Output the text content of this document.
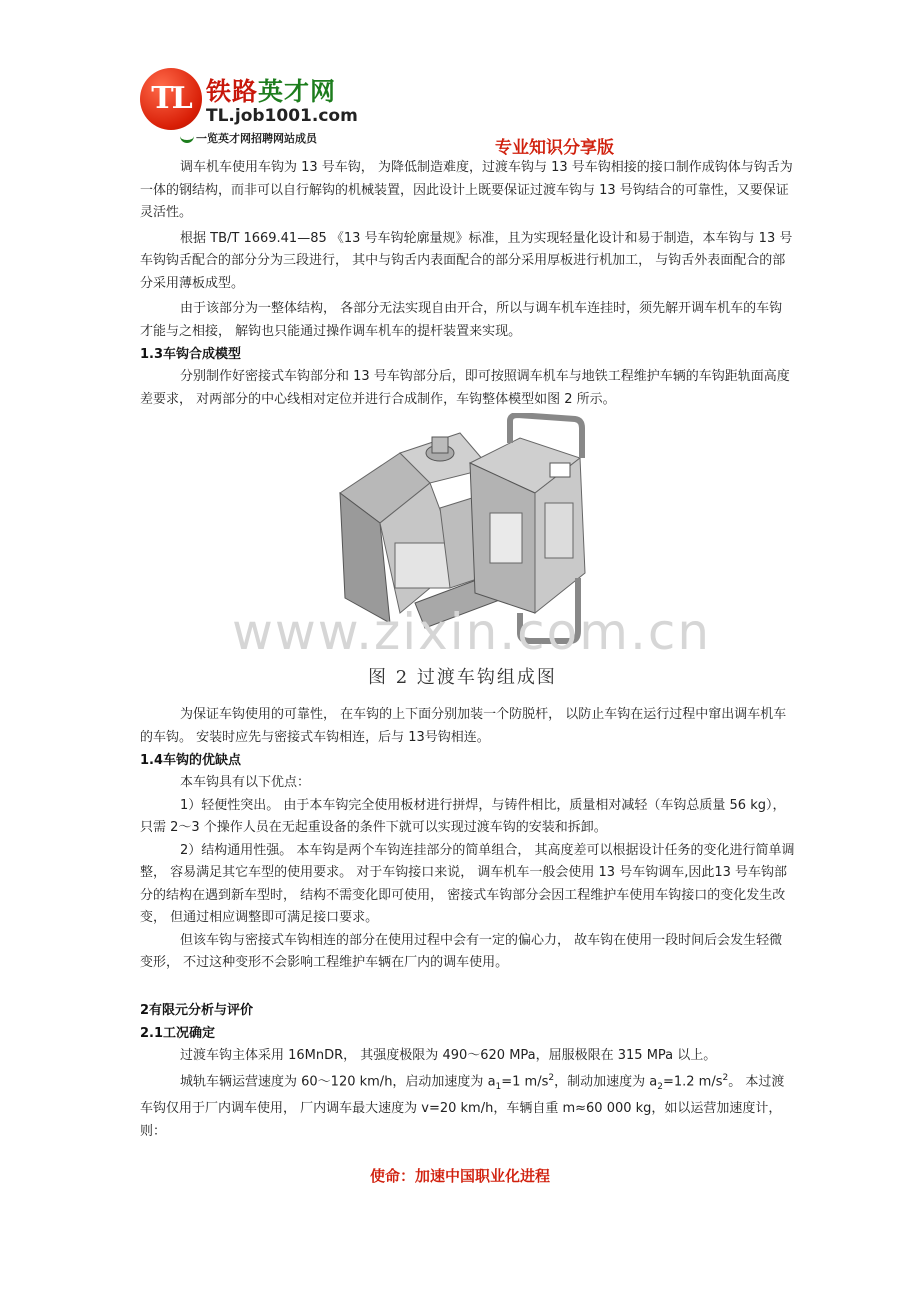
TL 铁路英才网
TL.job1001.com
一览英才网招聘网站成员	专业知识分享版

调车机车使用车钩为 13 号车钩， 为降低制造难度，过渡车钩与 13 号车钩相接的接口制作成钩体与钩舌为一体的钢结构，而非可以自行解钩的机械装置，因此设计上既要保证过渡车钩与 13 号钩结合的可靠性，又要保证灵活性。

根据 TB/T 1669.41—85 《13 号车钩轮廓量规》标准，且为实现轻量化设计和易于制造，本车钩与 13 号车钩钩舌配合的部分分为三段进行， 其中与钩舌内表面配合的部分采用厚板进行机加工， 与钩舌外表面配合的部分采用薄板成型。

由于该部分为一整体结构， 各部分无法实现自由开合，所以与调车机车连挂时，须先解开调车机车的车钩才能与之相接， 解钩也只能通过操作调车机车的提杆装置来实现。

1.3车钩合成模型

分别制作好密接式车钩部分和 13 号车钩部分后，即可按照调车机车与地铁工程维护车辆的车钩距轨面高度差要求， 对两部分的中心线相对定位并进行合成制作，车钩整体模型如图 2 所示。

www.zixin.com.cn
图 2 过渡车钩组成图

为保证车钩使用的可靠性， 在车钩的上下面分别加装一个防脱杆， 以防止车钩在运行过程中窜出调车机车的车钩。 安装时应先与密接式车钩相连，后与 13号钩相连。

1.4车钩的优缺点

本车钩具有以下优点：

1）轻便性突出。 由于本车钩完全使用板材进行拼焊，与铸件相比，质量相对减轻（车钩总质量 56 kg），只需 2～3 个操作人员在无起重设备的条件下就可以实现过渡车钩的安装和拆卸。

2）结构通用性强。 本车钩是两个车钩连挂部分的简单组合， 其高度差可以根据设计任务的变化进行简单调整， 容易满足其它车型的使用要求。 对于车钩接口来说， 调车机车一般会使用 13 号车钩调车,因此13 号车钩部分的结构在遇到新车型时， 结构不需变化即可使用， 密接式车钩部分会因工程维护车使用车钩接口的变化发生改变， 但通过相应调整即可满足接口要求。

但该车钩与密接式车钩相连的部分在使用过程中会有一定的偏心力， 故车钩在使用一段时间后会发生轻微变形， 不过这种变形不会影响工程维护车辆在厂内的调车使用。

2有限元分析与评价

2.1工况确定

过渡车钩主体采用 16MnDR， 其强度极限为 490～620 MPa，屈服极限在 315 MPa 以上。

城轨车辆运营速度为 60～120 km/h，启动加速度为 $a_1=1$ $m/s^2$，制动加速度为 $a_2=1.2$ $m/s^2$。 本过渡车钩仅用于厂内调车使用， 厂内调车最大速度为 v=20 km/h，车辆自重 m≈60 000 kg，如以运营加速度计，则：

使命：加速中国职业化进程
